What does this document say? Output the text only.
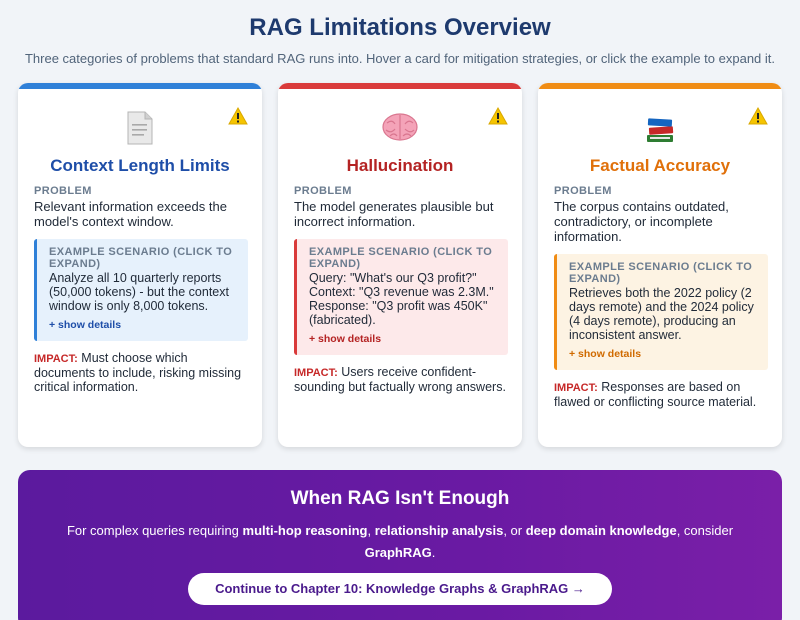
RAG Limitations Overview
Three categories of problems that standard RAG runs into. Hover a card for mitigation strategies, or click the example to expand it.
Context Length Limits
PROBLEM
Relevant information exceeds the model's context window.
EXAMPLE SCENARIO (CLICK TO EXPAND)
Analyze all 10 quarterly reports (50,000 tokens) - but the context window is only 8,000 tokens.
+ show details
IMPACT: Must choose which documents to include, risking missing critical information.
Hallucination
PROBLEM
The model generates plausible but incorrect information.
EXAMPLE SCENARIO (CLICK TO EXPAND)
Query: "What's our Q3 profit?"
Context: "Q3 revenue was 2.3M."
Response: "Q3 profit was 450K" (fabricated).
+ show details
IMPACT: Users receive confident-sounding but factually wrong answers.
Factual Accuracy
PROBLEM
The corpus contains outdated, contradictory, or incomplete information.
EXAMPLE SCENARIO (CLICK TO EXPAND)
Retrieves both the 2022 policy (2 days remote) and the 2024 policy (4 days remote), producing an inconsistent answer.
+ show details
IMPACT: Responses are based on flawed or conflicting source material.
When RAG Isn't Enough
For complex queries requiring multi-hop reasoning, relationship analysis, or deep domain knowledge, consider
GraphRAG.
Continue to Chapter 10: Knowledge Graphs & GraphRAG →
